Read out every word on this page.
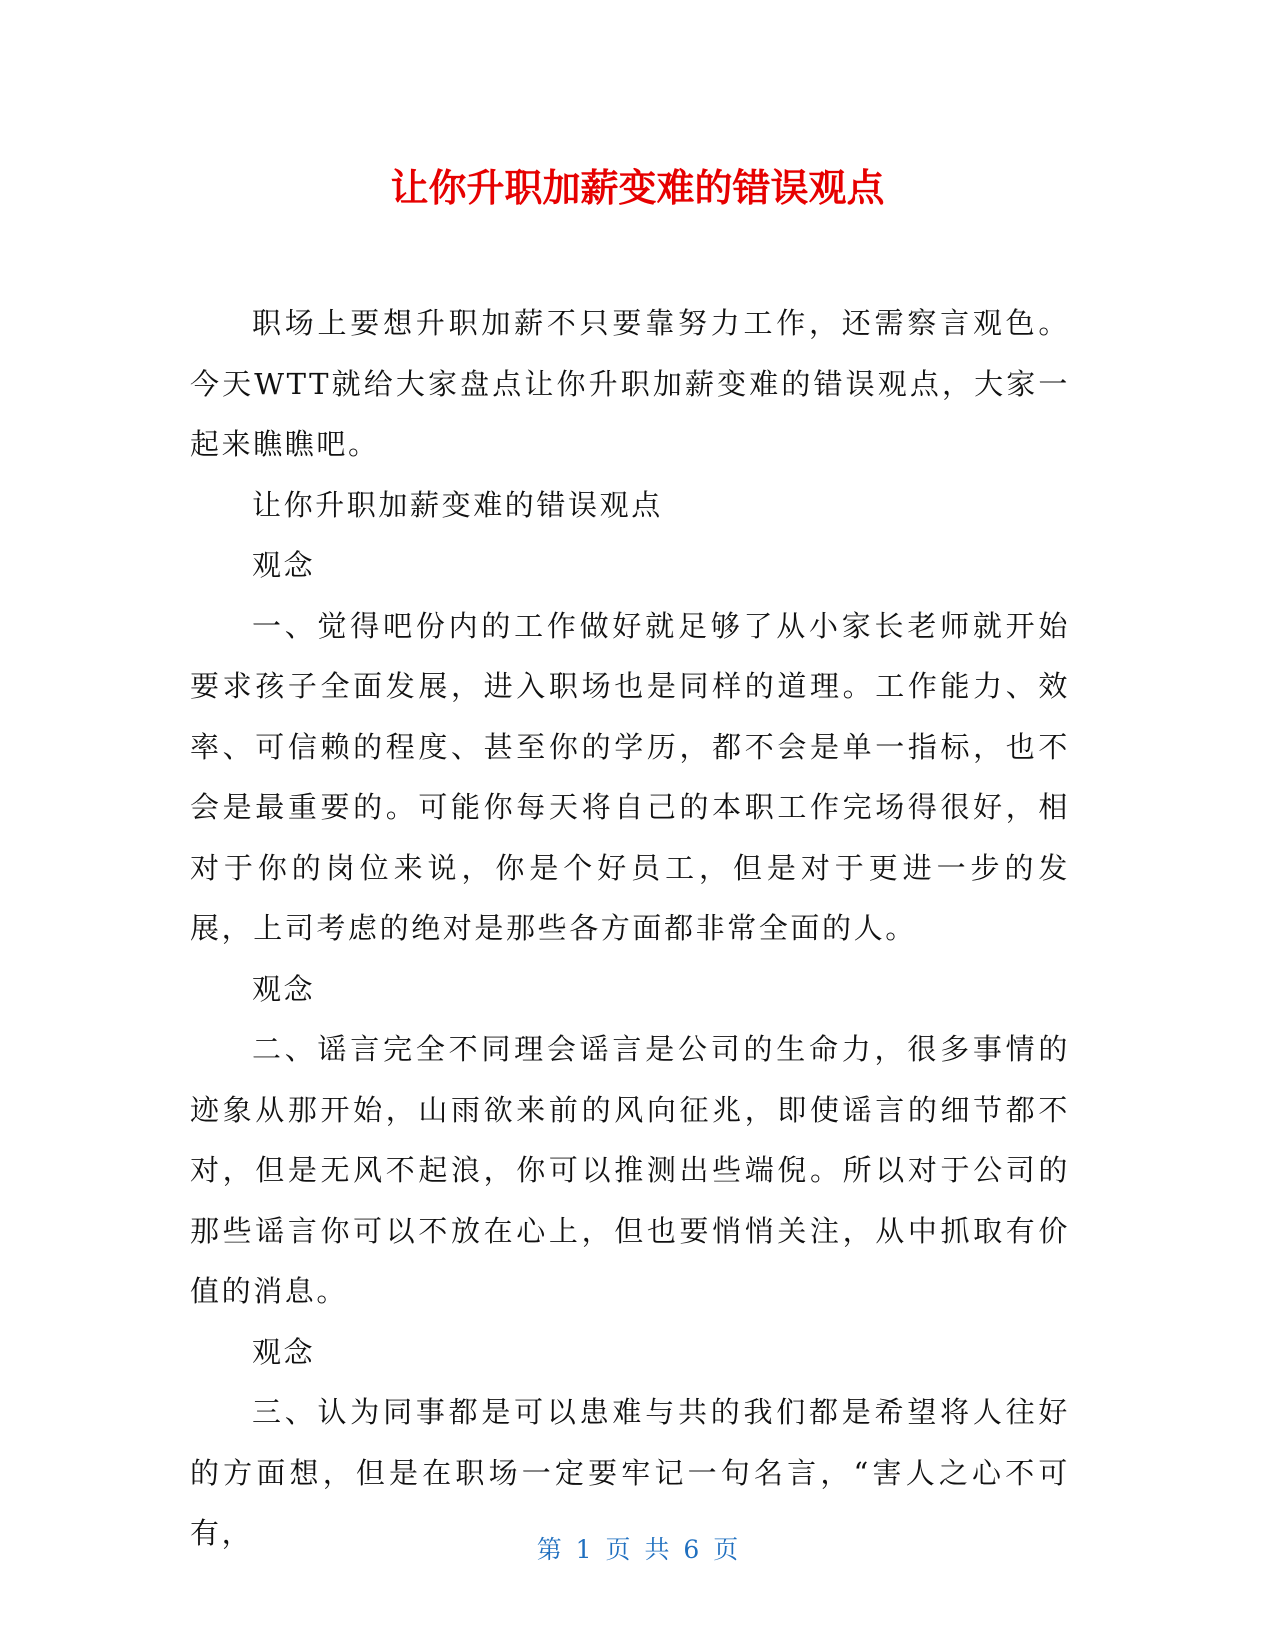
让你升职加薪变难的错误观点

职场上要想升职加薪不只要靠努力工作，还需察言观色。今天WTT就给大家盘点让你升职加薪变难的错误观点，大家一起来瞧瞧吧。

让你升职加薪变难的错误观点

观念

一、觉得吧份内的工作做好就足够了从小家长老师就开始要求孩子全面发展，进入职场也是同样的道理。工作能力、效率、可信赖的程度、甚至你的学历，都不会是单一指标，也不会是最重要的。可能你每天将自己的本职工作完场得很好，相对于你的岗位来说，你是个好员工，但是对于更进一步的发展，上司考虑的绝对是那些各方面都非常全面的人。

观念

二、谣言完全不同理会谣言是公司的生命力，很多事情的迹象从那开始，山雨欲来前的风向征兆，即使谣言的细节都不对，但是无风不起浪，你可以推测出些端倪。所以对于公司的那些谣言你可以不放在心上，但也要悄悄关注，从中抓取有价值的消息。

观念

三、认为同事都是可以患难与共的我们都是希望将人往好的方面想，但是在职场一定要牢记一句名言，“害人之心不可有，	第 1 页 共 6 页
